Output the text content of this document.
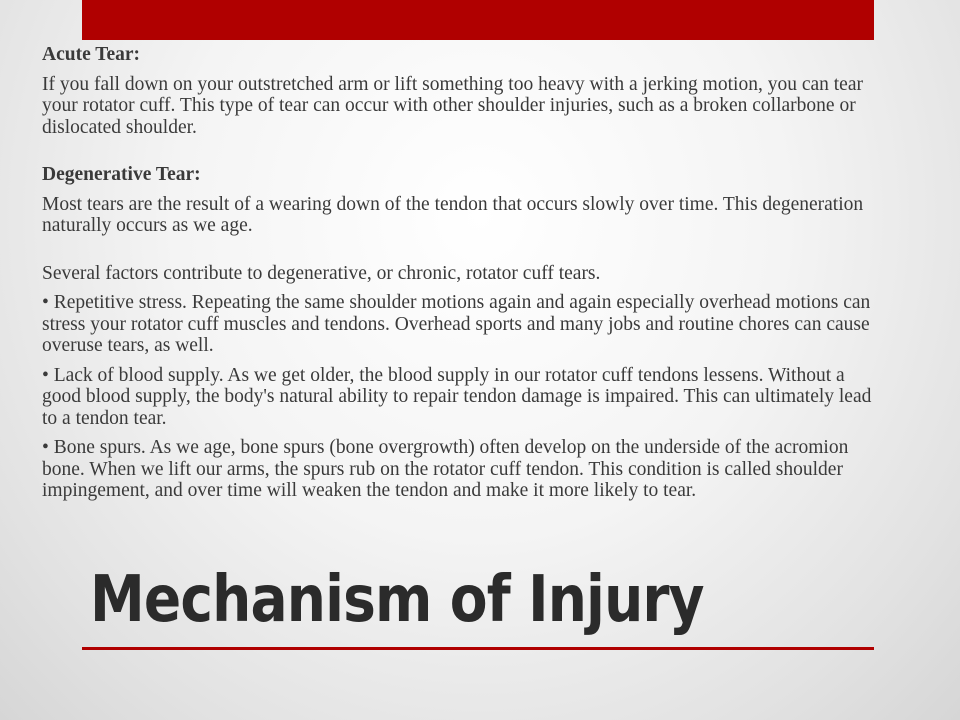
Acute Tear:

If you fall down on your outstretched arm or lift something too heavy with a jerking motion, you can tear your rotator cuff. This type of tear can occur with other shoulder injuries, such as a broken collarbone or dislocated shoulder.

Degenerative Tear:

Most tears are the result of a wearing down of the tendon that occurs slowly over time. This degeneration naturally occurs as we age.

Several factors contribute to degenerative, or chronic, rotator cuff tears.

• Repetitive stress. Repeating the same shoulder motions again and again especially overhead motions can stress your rotator cuff muscles and tendons. Overhead sports and many jobs and routine chores can cause overuse tears, as well.

• Lack of blood supply. As we get older, the blood supply in our rotator cuff tendons lessens. Without a good blood supply, the body's natural ability to repair tendon damage is impaired. This can ultimately lead to a tendon tear.

• Bone spurs. As we age, bone spurs (bone overgrowth) often develop on the underside of the acromion bone. When we lift our arms, the spurs rub on the rotator cuff tendon. This condition is called shoulder impingement, and over time will weaken the tendon and make it more likely to tear.

Mechanism of Injury
